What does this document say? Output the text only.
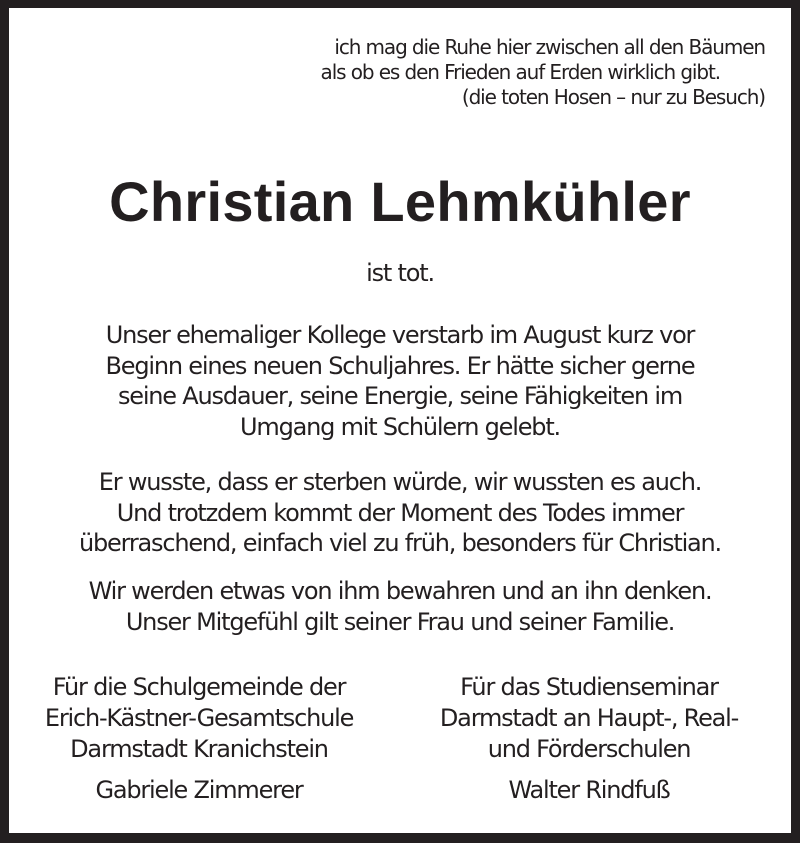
ich mag die Ruhe hier zwischen all den Bäumen
als ob es den Frieden auf Erden wirklich gibt.
(die toten Hosen – nur zu Besuch)
Christian Lehmkühler
ist tot.
Unser ehemaliger Kollege verstarb im August kurz vor
Beginn eines neuen Schuljahres. Er hätte sicher gerne
seine Ausdauer, seine Energie, seine Fähigkeiten im
Umgang mit Schülern gelebt.
Er wusste, dass er sterben würde, wir wussten es auch.
Und trotzdem kommt der Moment des Todes immer
überraschend, einfach viel zu früh, besonders für Christian.
Wir werden etwas von ihm bewahren und an ihn denken.
Unser Mitgefühl gilt seiner Frau und seiner Familie.
Für die Schulgemeinde der
Erich-Kästner-Gesamtschule
Darmstadt Kranichstein
Gabriele Zimmerer
Für das Studienseminar
Darmstadt an Haupt-, Real-
und Förderschulen
Walter Rindfuß
